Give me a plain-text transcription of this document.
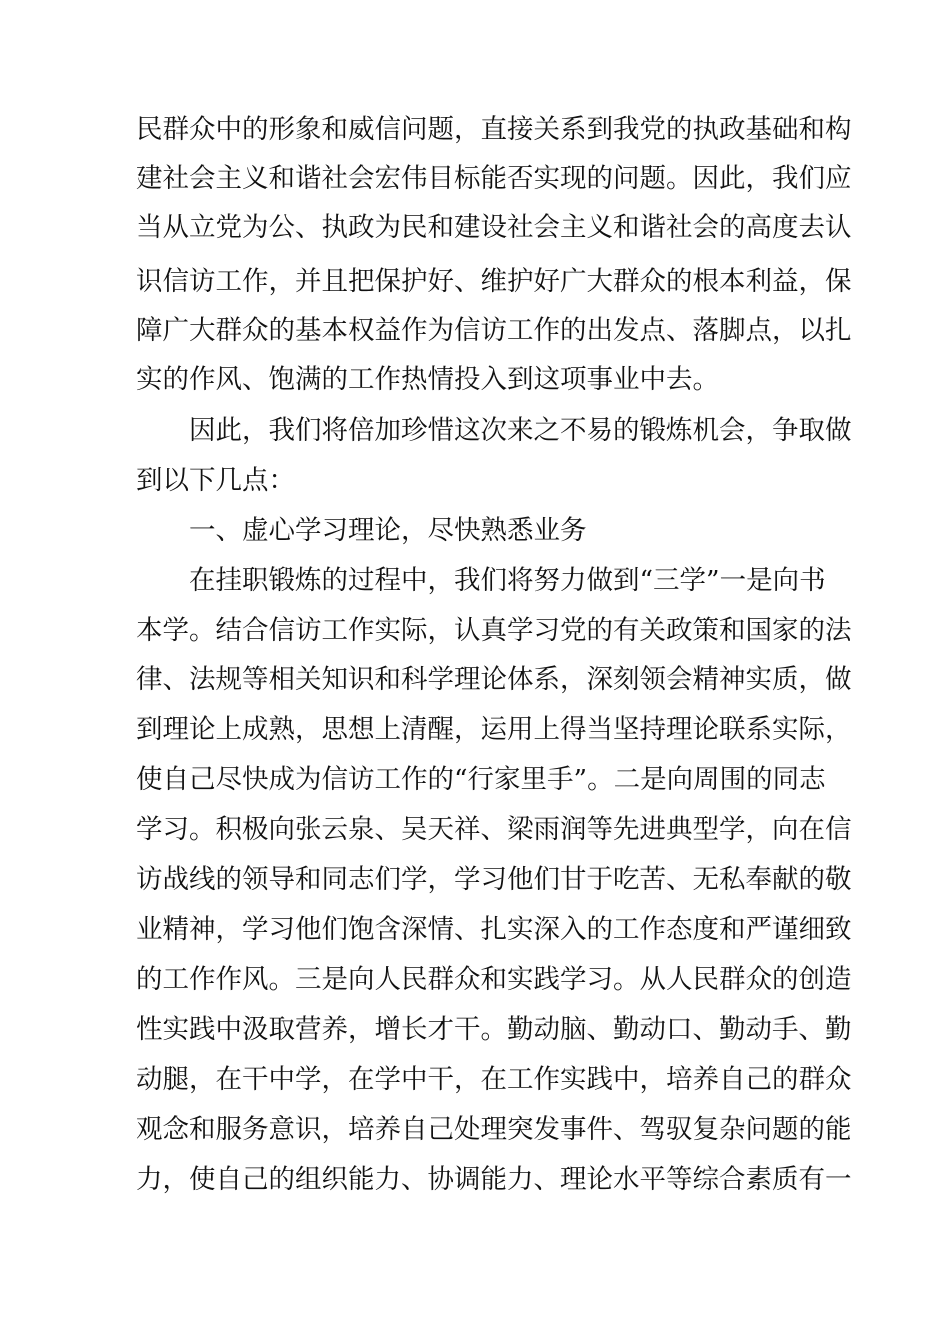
民群众中的形象和威信问题，直接关系到我党的执政基础和构
建社会主义和谐社会宏伟目标能否实现的问题。因此，我们应
当从立党为公、执政为民和建设社会主义和谐社会的高度去认
识信访工作，并且把保护好、维护好广大群众的根本利益，保
障广大群众的基本权益作为信访工作的出发点、落脚点，以扎
实的作风、饱满的工作热情投入到这项事业中去。
因此，我们将倍加珍惜这次来之不易的锻炼机会，争取做
到以下几点：
一、虚心学习理论，尽快熟悉业务
在挂职锻炼的过程中，我们将努力做到“三学”一是向书
本学。结合信访工作实际，认真学习党的有关政策和国家的法
律、法规等相关知识和科学理论体系，深刻领会精神实质，做
到理论上成熟，思想上清醒，运用上得当坚持理论联系实际，
使自己尽快成为信访工作的“行家里手”。二是向周围的同志
学习。积极向张云泉、吴天祥、梁雨润等先进典型学，向在信
访战线的领导和同志们学，学习他们甘于吃苦、无私奉献的敬
业精神，学习他们饱含深情、扎实深入的工作态度和严谨细致
的工作作风。三是向人民群众和实践学习。从人民群众的创造
性实践中汲取营养，增长才干。勤动脑、勤动口、勤动手、勤
动腿，在干中学，在学中干，在工作实践中，培养自己的群众
观念和服务意识，培养自己处理突发事件、驾驭复杂问题的能
力，使自己的组织能力、协调能力、理论水平等综合素质有一
